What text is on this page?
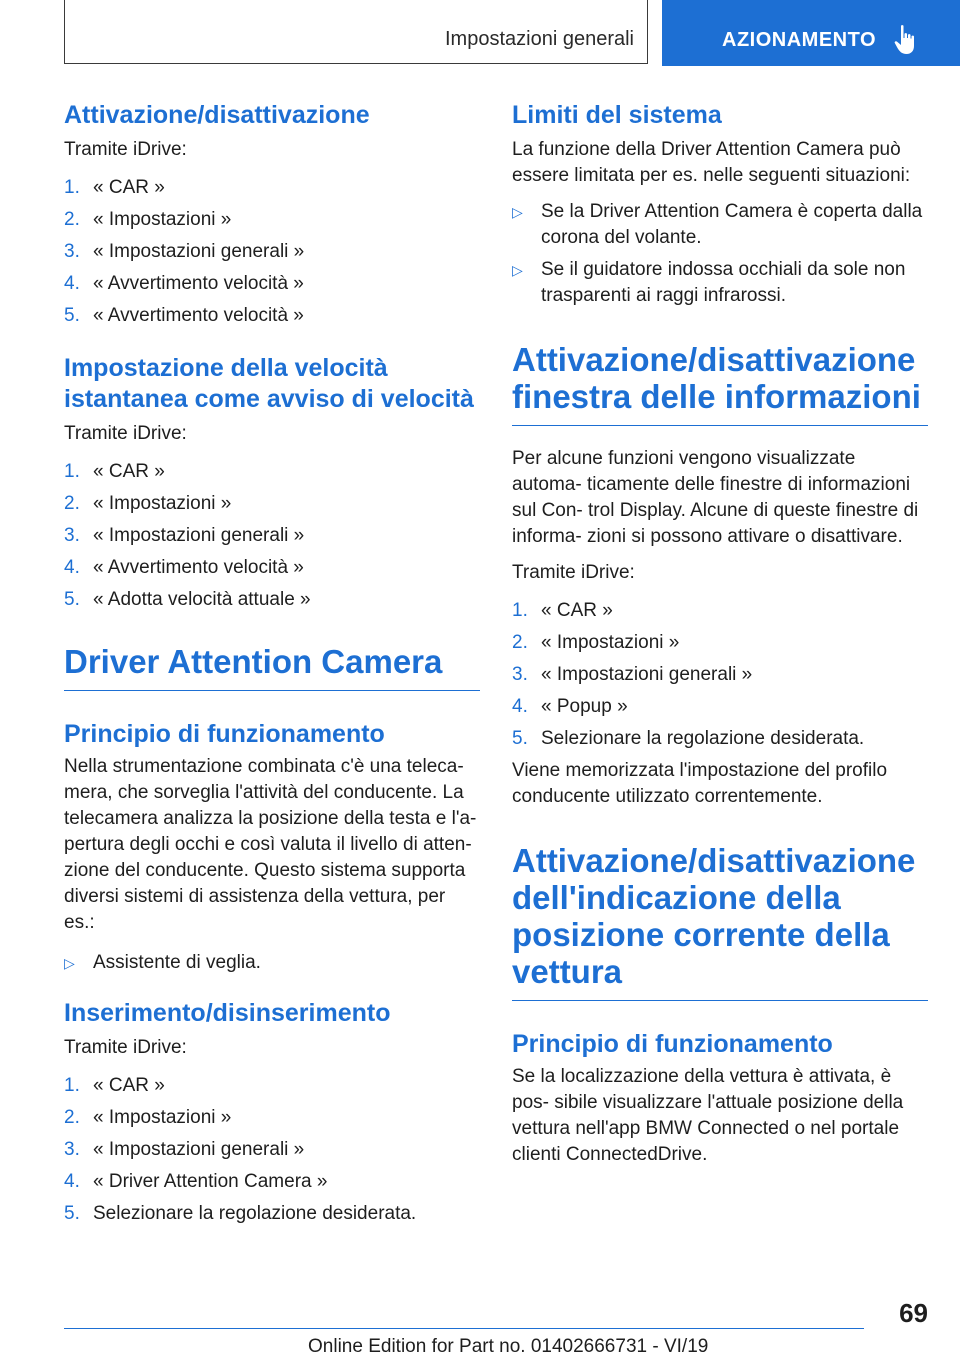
Impostazioni generali	AZIONAMENTO
Attivazione/disattivazione

Tramite iDrive:

1. « CAR »
2. « Impostazioni »
3. « Impostazioni generali »
4. « Avvertimento velocità »
5. « Avvertimento velocità »
Impostazione della velocità istantanea come avviso di velocità

Tramite iDrive:

1. « CAR »
2. « Impostazioni »
3. « Impostazioni generali »
4. « Avvertimento velocità »
5. « Adotta velocità attuale »
Driver Attention Camera
Principio di funzionamento

Nella strumentazione combinata c'è una teleca- mera, che sorveglia l'attività del conducente. La telecamera analizza la posizione della testa e l'a- pertura degli occhi e così valuta il livello di atten- zione del conducente. Questo sistema supporta diversi sistemi di assistenza della vettura, per es.:

▷ Assistente di veglia.
Inserimento/disinserimento

Tramite iDrive:

1. « CAR »
2. « Impostazioni »
3. « Impostazioni generali »
4. « Driver Attention Camera »
5. Selezionare la regolazione desiderata.
Limiti del sistema

La funzione della Driver Attention Camera può essere limitata per es. nelle seguenti situazioni:

▷ Se la Driver Attention Camera è coperta dalla corona del volante.
▷ Se il guidatore indossa occhiali da sole non trasparenti ai raggi infrarossi.
Attivazione/disattivazione finestra delle informazioni

Per alcune funzioni vengono visualizzate automa- ticamente delle finestre di informazioni sul Con- trol Display. Alcune di queste finestre di informa- zioni si possono attivare o disattivare.

Tramite iDrive:

1. « CAR »
2. « Impostazioni »
3. « Impostazioni generali »
4. « Popup »
5. Selezionare la regolazione desiderata.

Viene memorizzata l'impostazione del profilo conducente utilizzato correntemente.

Attivazione/disattivazione dell'indicazione della posizione corrente della vettura
Principio di funzionamento

Se la localizzazione della vettura è attivata, è pos- sibile visualizzare l'attuale posizione della vettura nell'app BMW Connected o nel portale clienti ConnectedDrive.

69
Online Edition for Part no. 01402666731 - VI/19
